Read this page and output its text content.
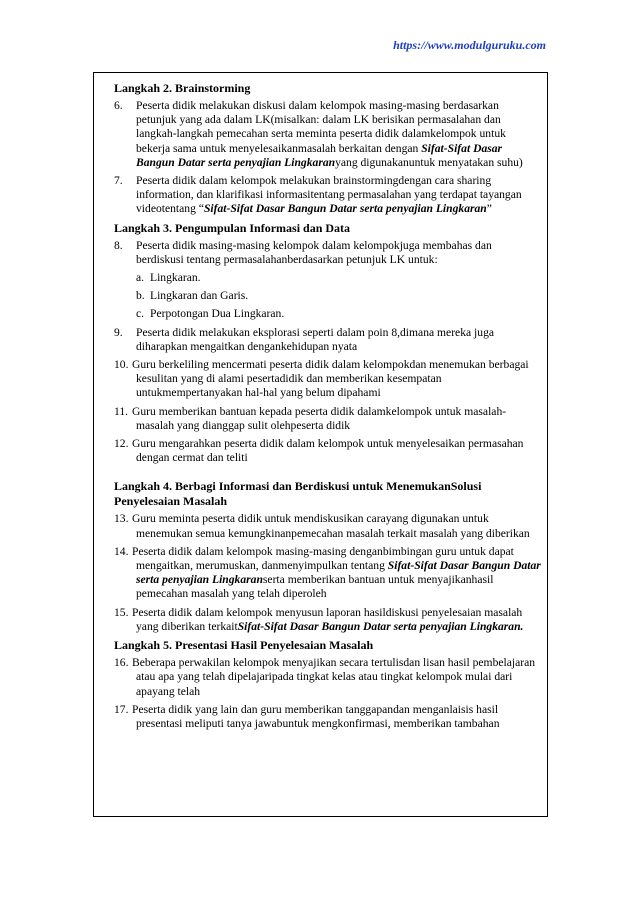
https://www.modulguruku.com
Langkah 2. Brainstorming
6. Peserta didik melakukan diskusi dalam kelompok masing-masing berdasarkan petunjuk yang ada dalam LK(misalkan: dalam LK berisikan permasalahan dan langkah-langkah pemecahan serta meminta peserta didik dalamkelompok untuk bekerja sama untuk menyelesaikanmasalah berkaitan dengan Sifat-Sifat Dasar Bangun Datar serta penyajian Lingkaranyang digunakanuntuk menyatakan suhu)
7. Peserta didik dalam kelompok melakukan brainstormingdengan cara sharing information, dan klarifikasi informasitentang permasalahan yang terdapat tayangan videotentang “Sifat-Sifat Dasar Bangun Datar serta penyajian Lingkaran”
Langkah 3. Pengumpulan Informasi dan Data
8. Peserta didik masing-masing kelompok dalam kelompokjuga membahas dan berdiskusi tentang permasalahanberdasarkan petunjuk LK untuk:
a. Lingkaran.
b. Lingkaran dan Garis.
c. Perpotongan Dua Lingkaran.
9. Peserta didik melakukan eksplorasi seperti dalam poin 8,dimana mereka juga diharapkan mengaitkan dengankehidupan nyata
10. Guru berkeliling mencermati peserta didik dalam kelompokdan menemukan berbagai kesulitan yang di alami pesertadidik dan memberikan kesempatan untukmempertanyakan hal-hal yang belum dipahami
11. Guru memberikan bantuan kepada peserta didik dalamkelompok untuk masalah-masalah yang dianggap sulit olehpeserta didik
12. Guru mengarahkan peserta didik dalam kelompok untuk menyelesaikan permasahan dengan cermat dan teliti
Langkah 4. Berbagi Informasi dan Berdiskusi untuk MenemukanSolusi Penyelesaian Masalah
13. Guru meminta peserta didik untuk mendiskusikan carayang digunakan untuk menemukan semua kemungkinanpemecahan masalah terkait masalah yang diberikan
14. Peserta didik dalam kelompok masing-masing denganbimbingan guru untuk dapat mengaitkan, merumuskan, danmenyimpulkan tentang Sifat-Sifat Dasar Bangun Datar serta penyajian Lingkaranserta memberikan bantuan untuk menyajikanhasil pemecahan masalah yang telah diperoleh
15. Peserta didik dalam kelompok menyusun laporan hasildiskusi penyelesaian masalah yang diberikan terkaitSifat-Sifat Dasar Bangun Datar serta penyajian Lingkaran.
Langkah 5. Presentasi Hasil Penyelesaian Masalah
16. Beberapa perwakilan kelompok menyajikan secara tertulisdan lisan hasil pembelajaran atau apa yang telah dipelajaripada tingkat kelas atau tingkat kelompok mulai dari apayang telah
17. Peserta didik yang lain dan guru memberikan tanggapandan menganlaisis hasil presentasi meliputi tanya jawabuntuk mengkonfirmasi, memberikan tambahan
